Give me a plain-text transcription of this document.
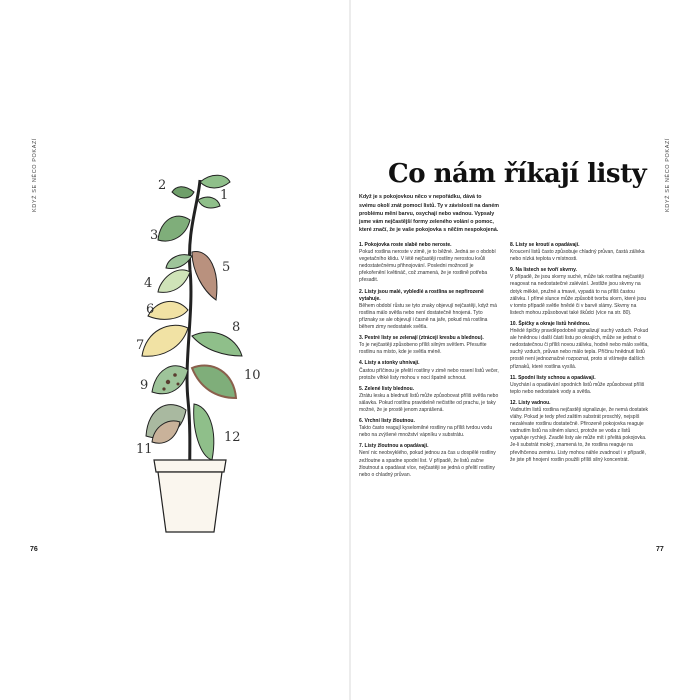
KDYŽ SE NĚCO POKAZÍ	2
1
3
5
4
6
7
8
9
10
11
12
76
KDYŽ SE NĚCO POKAZÍ
Co nám říkají listy

Když je s pokojovkou něco v nepořádku, dává to svému okolí znát pomocí listů. Ty v závislosti na daném problému mění barvu, osychají nebo vadnou. Vypsaly jsme vám nejčastější formy zeleného volání o pomoc, které značí, že je vaše pokojovka s něčím nespokojená.

1. Pokojovka roste slabě nebo neroste.
Pokud rostlina neroste v zimě, je to běžné. Jedná se o období vegetačního klidu. V létě nejčastěji rostliny nerostou kvůli nedostatečnému přihnojování. Posledni možností je překořenění květináč, což znamená, že je rostlině potřeba přesadit.
2. Listy jsou malé, vybledlé a rostlina se nepřirozeně vytahuje.
Během období růstu se tyto znaky objevují nejčastěji, když má rostlina málo světla nebo není dostatečně hnojená. Tyto příznaky se ale objevují i časně na jaře, pokud má rostlina během zimy nedostatek světla.
3. Pestré listy se zelenají (ztrácejí kresbu a blednou).
To je nejčastěji způsobeno příliš silným světlem. Přesuňte rostlinu na místo, kde je světla méně.
4. Listy a stonky uhnívají.
Častou příčinou je přelití rostliny v zimě nebo rosení listů večer, protože vlhké listy mohou v noci špatně schnout.
5. Zelené listy blednou.
Ztrátu lesku a blednutí listů může způsobovat příliš světla nebo sálavka. Pokud rostlinu pravidelně nečistíte od prachu, je taky možné, že je prostě jenom zaprášená.
6. Vrchní listy žloutnou.
Takto často reagují kyselomilné rostliny na příliš tvrdou vodu nebo na zvýšené množství vápníku v substrátu.
7. Listy žloutnou a opadávají.
Není nic neobvyklého, pokud jednou za čas u dospělé rostliny zežloutne a spadne spodní list. V případě, že listů začne žloutnout a opadávat více, nejčastěji se jedná o přelití rostliny nebo o chladný průvan.
8. Listy se kroutí a opadávají.
Kroucení listů často způsobuje chladný průvan, častá zálivka nebo nízká teplota v místnosti.
9. Na listech se tvoří skvrny.
V případě, že jsou skvrny suché, může tak rostlina nejčastěji reagovat na nedostatečné zalévání. Jestliže jsou skvrny na dotyk měkké, pružné a tmavé, vypadá to na příliš častou zálivku. I přímé slunce může způsobit tvorbu skvrn, které jsou v tomto případě světle hnědé či v barvě slámy. Skvrny na listech mohou způsobovat také škůdci (více na str. 80).
10. Špičky a okraje listů hnědnou.
Hnědé špičky pravděpodobně signalizují suchý vzduch. Pokud ale hnědnou i další části listu po okrajích, může se jednat o nedostatečnou či příliš novou zálivku, hodně nebo málo světla, suchý vzduch, průvan nebo málo tepla. Příčinu hnědnutí listů prostě není jednoznačné rozpoznat, proto si všímejte dalších příznaků, které rostlina vysílá.
11. Spodní listy schnou a opadávají.
Usychání a opadávání spodních listů může způsobovat příliš teplo nebo nedostatek vody a světla.
12. Listy vadnou.
Vadnutím listů rostlina nejčastěji signalizuje, že nemá dostatek vláhy. Pokud je tedy před zalitím substrát proschlý, nejspíš nezalévate rostlinu dostatečně. Přirozeně pokojovka reaguje vadnutím listů na silném slunci, protože se voda z listů vypařuje rychleji. Zvadlé listy ale může mít i přelitá pokojovka. Je-li substrát mokrý, znamená to, že rostlina reaguje na převlhčenou zeminu. Listy mohou náhle zvadnout i v případě, že jste při hnojení rostlin použili příliš silný koncentrát.
77
